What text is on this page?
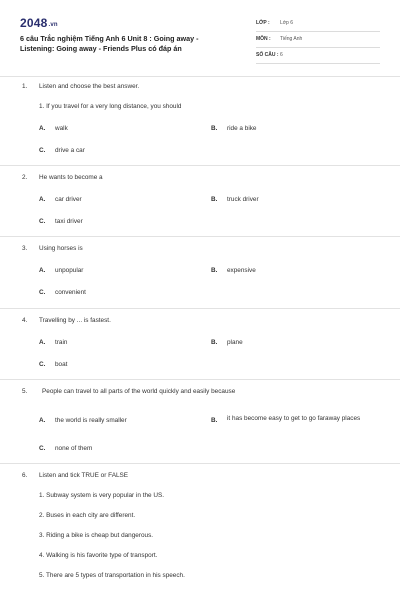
2048.vn
6 câu Trắc nghiệm Tiếng Anh 6 Unit 8 : Going away -
Listening: Going away - Friends Plus có đáp án
LỚP : Lớp 6
MÔN : Tiếng Anh
SỐ CÂU : 6
1. Listen and choose the best answer.
1. If you travel for a very long distance, you should
A. walk	B. ride a bike
C. drive a car
2. He wants to become a
A. car driver	B. truck driver
C. taxi driver
3. Using horses is
A. unpopular	B. expensive
C. convenient
4. Travelling by ... is fastest.
A. train	B. plane
C. boat
5. People can travel to all parts of the world quickly and easily because
A. the world is really smaller	B. it has become easy to get to go faraway places
C. none of them
6. Listen and tick TRUE or FALSE
1. Subway system is very popular in the US.
2. Buses in each city are different.
3. Riding a bike is cheap but dangerous.
4. Walking is his favorite type of transport.
5. There are 5 types of transportation in his speech.
